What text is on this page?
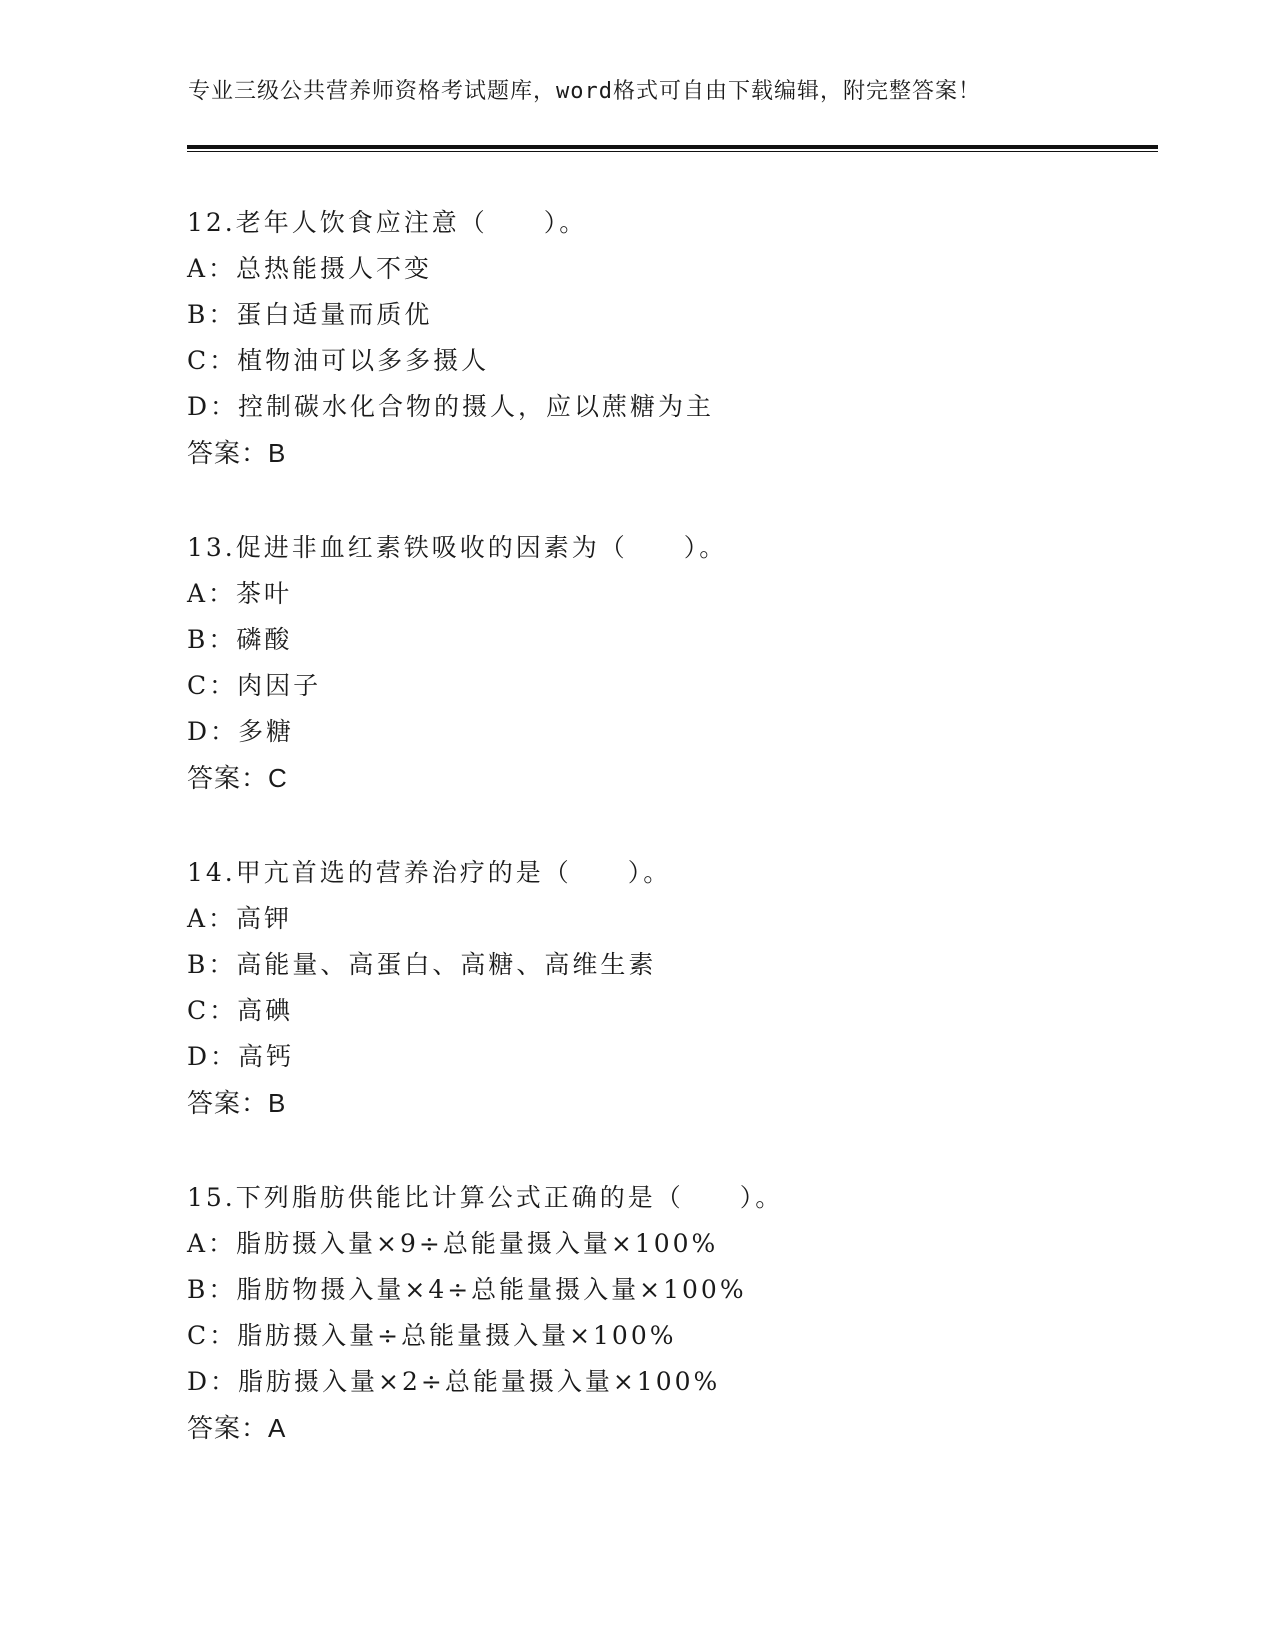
专业三级公共营养师资格考试题库，word格式可自由下载编辑，附完整答案！
12.老年人饮食应注意（　　）。
A：总热能摄人不变
B：蛋白适量而质优
C：植物油可以多多摄人
D：控制碳水化合物的摄人，应以蔗糖为主
答案：B
13.促进非血红素铁吸收的因素为（　　）。
A：茶叶
B：磷酸
C：肉因子
D：多糖
答案：C
14.甲亢首选的营养治疗的是（　　）。
A：高钾
B：高能量、高蛋白、高糖、高维生素
C：高碘
D：高钙
答案：B
15.下列脂肪供能比计算公式正确的是（　　）。
A：脂肪摄入量×9÷总能量摄入量×100%
B：脂肪物摄入量×4÷总能量摄入量×100%
C：脂肪摄入量÷总能量摄入量×100%
D：脂肪摄入量×2÷总能量摄入量×100%
答案：A
